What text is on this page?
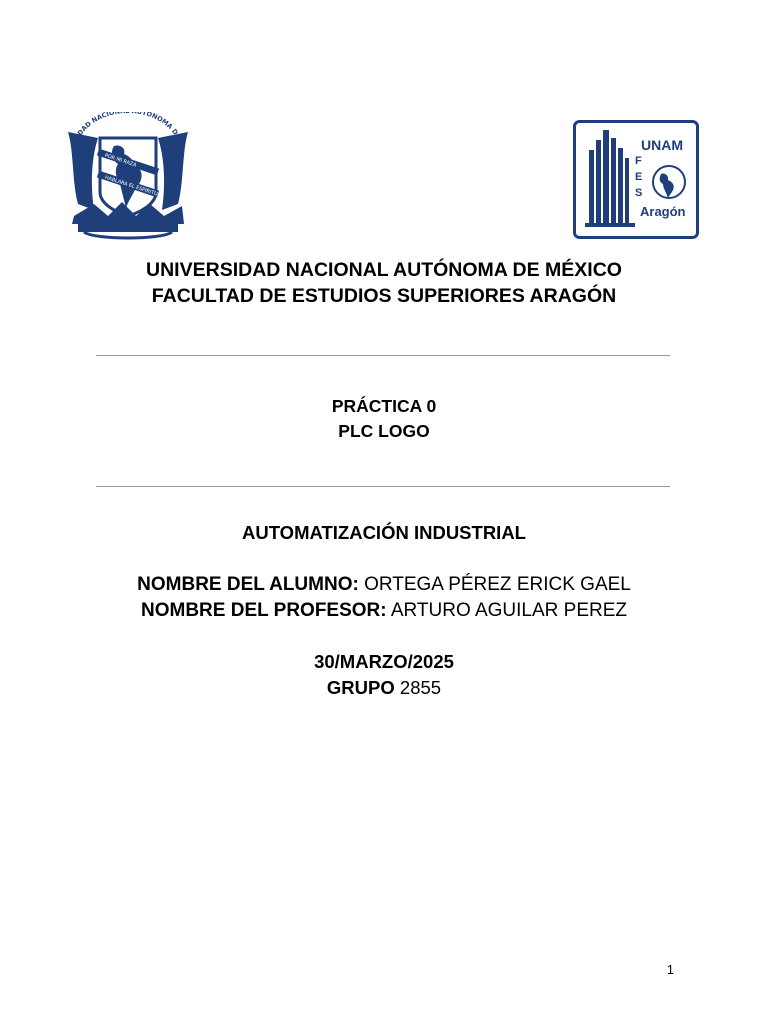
POR MI RAZA
HABLARA EL ESPIRITU
SIDAD NACIO TONOMA DE
F
E
S
UNAM
Aragón
UNIVERSIDAD NACIONAL AUTÓNOMA DE MÉXICO
FACULTAD DE ESTUDIOS SUPERIORES ARAGÓN
PRÁCTICA 0
PLC LOGO
AUTOMATIZACIÓN INDUSTRIAL
NOMBRE DEL ALUMNO: ORTEGA PÉREZ ERICK GAEL
NOMBRE DEL PROFESOR: ARTURO AGUILAR PEREZ
30/MARZO/2025
GRUPO 2855
1
